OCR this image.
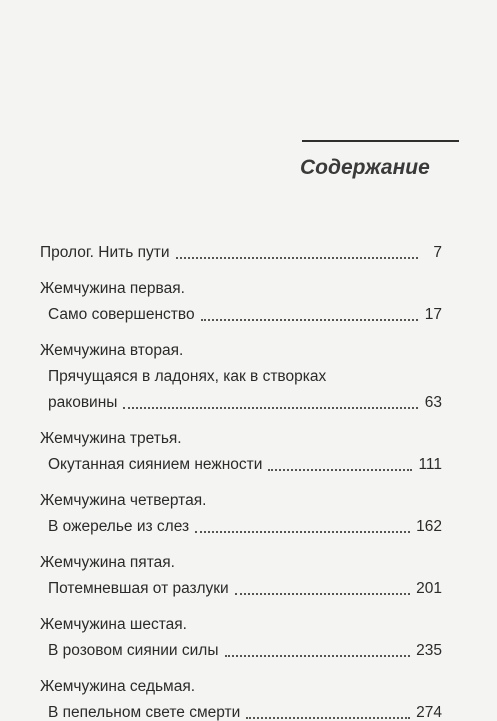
Содержание
Пролог. Нить пути	7
Жемчужина первая.
Само совершенство	17
Жемчужина вторая.
Прячущаяся в ладонях, как в створках
раковины	63
Жемчужина третья.
Окутанная сиянием нежности	111
Жемчужина четвертая.
В ожерелье из слез	162
Жемчужина пятая.
Потемневшая от разлуки	201
Жемчужина шестая.
В розовом сиянии силы	235
Жемчужина седьмая.
В пепельном свете смерти	274
